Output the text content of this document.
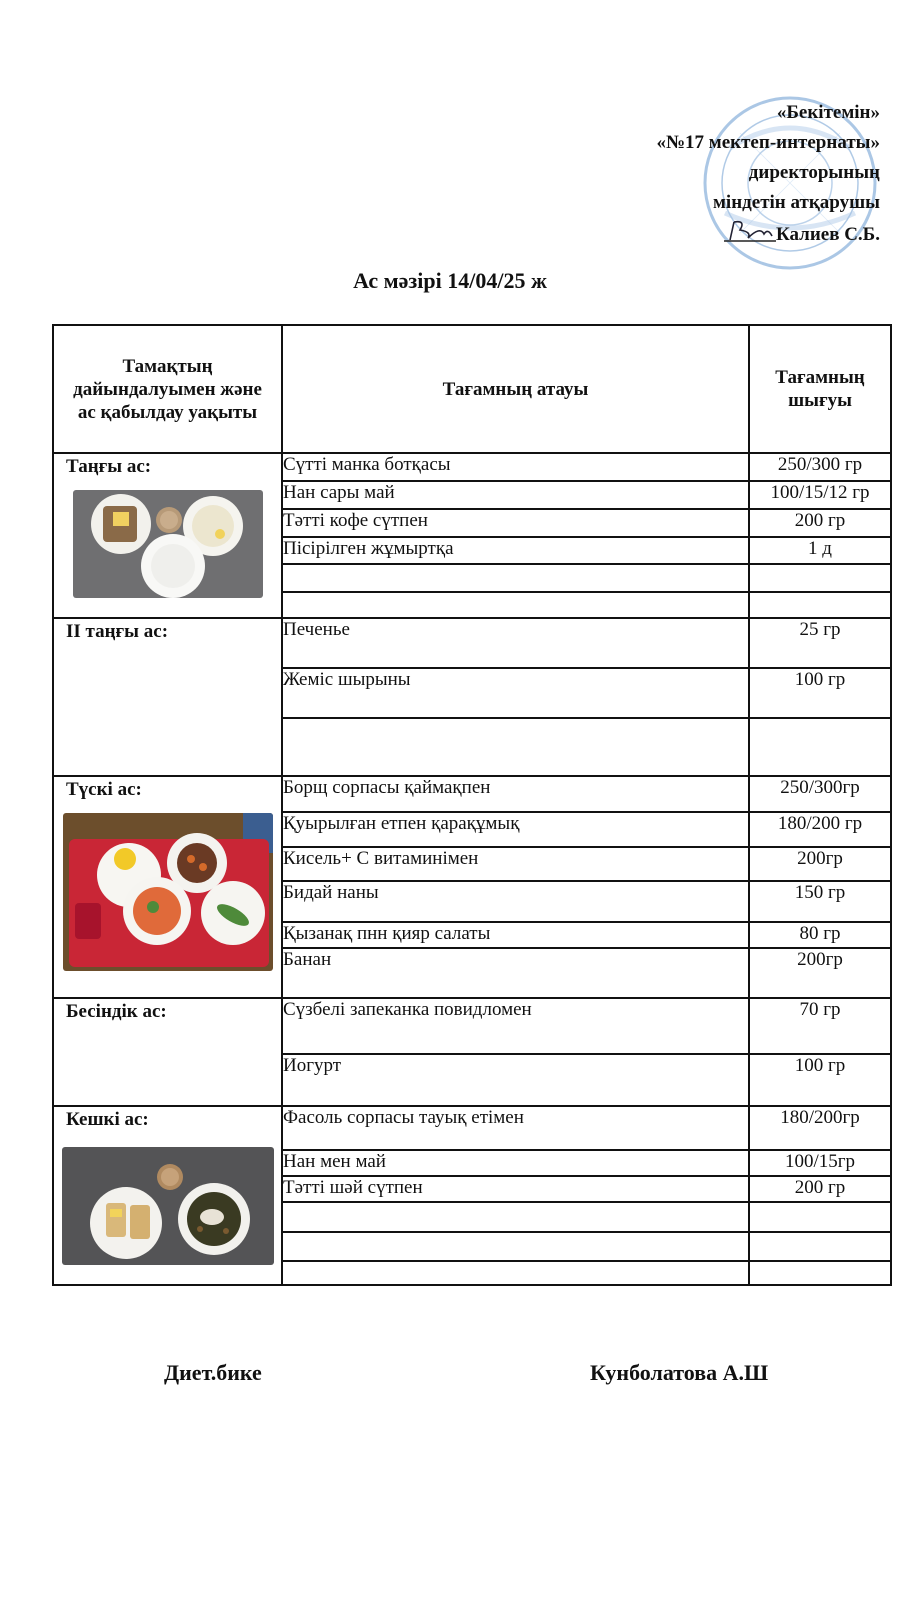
«Бекітемін»
«№17 мектеп-интернаты»
директорының
міндетін атқарушы
Калиев С.Б.
Ас мәзірі 14/04/25 ж
Тамақтың дайындалуымен және ас қабылдау уақыты	Тағамның атауы	Тағамның шығуы

Таңғы ас:	Сүтті манка ботқасы	250/300 гр
	Нан сары май	100/15/12 гр
	Тәтті кофе сүтпен	200 гр
	Пісірілген жұмыртқа	1 д

ІІ таңғы ас:	Печенье	25 гр
	Жеміс шырыны	100 гр

Түскі ас:	Борщ сорпасы қаймақпен	250/300гр
	Қуырылған етпен қарақұмық	180/200 гр
	Кисель+ С витаминімен	200гр
	Бидай наны	150 гр
	Қызанақ пнн қияр салаты	80 гр
	Банан	200гр

Бесіндік ас:	Сүзбелі запеканка повидломен	70 гр
	Иогурт	100 гр

Кешкі ас:	Фасоль сорпасы тауық етімен	180/200гр
	Нан мен май	100/15гр
	Тәтті шәй сүтпен	200 гр

Диет.бике	Кунболатова А.Ш
